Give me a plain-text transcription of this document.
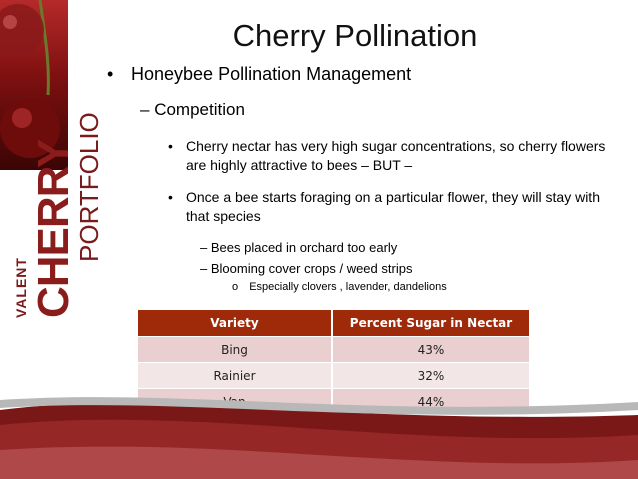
VALENT CHERRY
PORTFOLIO
Cherry Pollination
• Honeybee Pollination Management
– Competition
• Cherry nectar has very high sugar concentrations, so cherry flowers are highly attractive to bees – BUT –
• Once a bee starts foraging on a particular flower, they will stay with that species
– Bees placed in orchard too early
– Blooming cover crops / weed strips
o Especially clovers , lavender, dandelions
Variety	Percent Sugar in Nectar
Bing	43%
Rainier	32%
	44%
